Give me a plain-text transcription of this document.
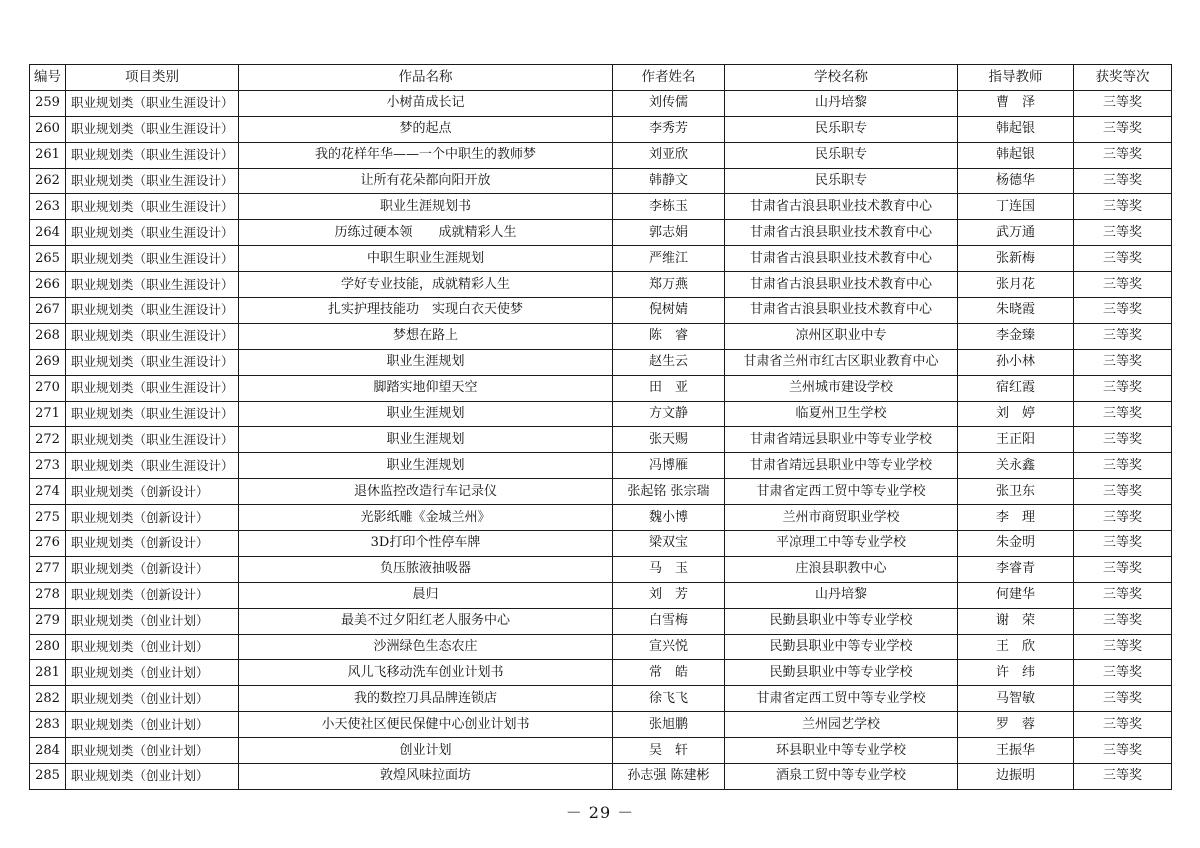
编号	项目类别	作品名称	作者姓名	学校名称	指导教师	获奖等次
259	职业规划类（职业生涯设计）	小树苗成长记	刘传儒	山丹培黎	曹　泽	三等奖
260	职业规划类（职业生涯设计）	梦的起点	李秀芳	民乐职专	韩起银	三等奖
261	职业规划类（职业生涯设计）	我的花样年华——一个中职生的教师梦	刘亚欣	民乐职专	韩起银	三等奖
262	职业规划类（职业生涯设计）	让所有花朵都向阳开放	韩静文	民乐职专	杨德华	三等奖
263	职业规划类（职业生涯设计）	职业生涯规划书	李栋玉	甘肃省古浪县职业技术教育中心	丁连国	三等奖
264	职业规划类（职业生涯设计）	历练过硬本领　　成就精彩人生	郭志娟	甘肃省古浪县职业技术教育中心	武万通	三等奖
265	职业规划类（职业生涯设计）	中职生职业生涯规划	严维江	甘肃省古浪县职业技术教育中心	张新梅	三等奖
266	职业规划类（职业生涯设计）	学好专业技能，成就精彩人生	郑万燕	甘肃省古浪县职业技术教育中心	张月花	三等奖
267	职业规划类（职业生涯设计）	扎实护理技能功　实现白衣天使梦	倪树婧	甘肃省古浪县职业技术教育中心	朱晓霞	三等奖
268	职业规划类（职业生涯设计）	梦想在路上	陈　睿	凉州区职业中专	李金臻	三等奖
269	职业规划类（职业生涯设计）	职业生涯规划	赵生云	甘肃省兰州市红古区职业教育中心	孙小林	三等奖
270	职业规划类（职业生涯设计）	脚踏实地仰望天空	田　亚	兰州城市建设学校	宿红霞	三等奖
271	职业规划类（职业生涯设计）	职业生涯规划	方文静	临夏州卫生学校	刘　婷	三等奖
272	职业规划类（职业生涯设计）	职业生涯规划	张天赐	甘肃省靖远县职业中等专业学校	王正阳	三等奖
273	职业规划类（职业生涯设计）	职业生涯规划	冯博雁	甘肃省靖远县职业中等专业学校	关永鑫	三等奖
274	职业规划类（创新设计）	退休监控改造行车记录仪	张起铭 张宗瑞	甘肃省定西工贸中等专业学校	张卫东	三等奖
275	职业规划类（创新设计）	光影纸雕《金城兰州》	魏小博	兰州市商贸职业学校	李　理	三等奖
276	职业规划类（创新设计）	3D打印个性停车牌	梁双宝	平凉理工中等专业学校	朱金明	三等奖
277	职业规划类（创新设计）	负压脓液抽吸器	马　玉	庄浪县职教中心	李睿青	三等奖
278	职业规划类（创新设计）	晨归	刘　芳	山丹培黎	何建华	三等奖
279	职业规划类（创业计划）	最美不过夕阳红老人服务中心	白雪梅	民勤县职业中等专业学校	谢　荣	三等奖
280	职业规划类（创业计划）	沙洲绿色生态农庄	宣兴悦	民勤县职业中等专业学校	王　欣	三等奖
281	职业规划类（创业计划）	风儿飞移动洗车创业计划书	常　皓	民勤县职业中等专业学校	许　纬	三等奖
282	职业规划类（创业计划）	我的数控刀具品牌连锁店	徐飞飞	甘肃省定西工贸中等专业学校	马智敏	三等奖
283	职业规划类（创业计划）	小天使社区便民保健中心创业计划书	张旭鹏	兰州园艺学校	罗　蓉	三等奖
284	职业规划类（创业计划）	创业计划	吴　轩	环县职业中等专业学校	王振华	三等奖
285	职业规划类（创业计划）	敦煌风味拉面坊	孙志强 陈建彬	酒泉工贸中等专业学校	边振明	三等奖
－ 29 －
